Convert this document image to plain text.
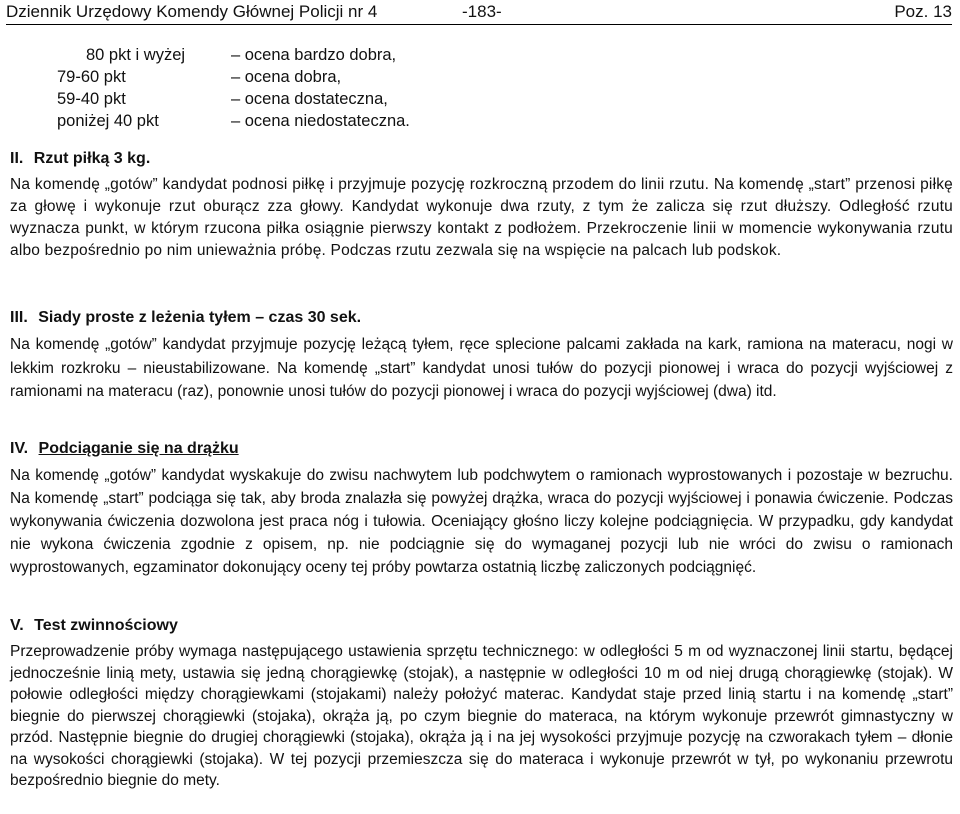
Dziennik Urzędowy Komendy Głównej Policji nr 4	-183-	Poz. 13
80 pkt i wyżej	– ocena bardzo dobra,
79-60 pkt	– ocena dobra,
59-40 pkt	– ocena dostateczna,
poniżej 40 pkt	– ocena niedostateczna.
II. Rzut piłką 3 kg.
Na komendę „gotów” kandydat podnosi piłkę i przyjmuje pozycję rozkroczną przodem do linii rzutu. Na komendę „start” przenosi piłkę za głowę i wykonuje rzut oburącz zza głowy. Kandydat wykonuje dwa rzuty, z tym że zalicza się rzut dłuższy. Odległość rzutu wyznacza punkt, w którym rzucona piłka osiągnie pierwszy kontakt z podłożem. Przekroczenie linii w momencie wykonywania rzutu albo bezpośrednio po nim unieważnia próbę. Podczas rzutu zezwala się na wspięcie na palcach lub podskok.
III. Siady proste z leżenia tyłem – czas 30 sek.
Na komendę „gotów” kandydat przyjmuje pozycję leżącą tyłem, ręce splecione palcami zakłada na kark, ramiona na materacu, nogi w lekkim rozkroku – nieustabilizowane. Na komendę „start” kandydat unosi tułów do pozycji pionowej i wraca do pozycji wyjściowej z ramionami na materacu (raz), ponownie unosi tułów do pozycji pionowej i wraca do pozycji wyjściowej (dwa) itd.
IV. Podciąganie się na drążku
Na komendę „gotów” kandydat wyskakuje do zwisu nachwytem lub podchwytem o ramionach wyprostowanych i pozostaje w bezruchu. Na komendę „start” podciąga się tak, aby broda znalazła się powyżej drążka, wraca do pozycji wyjściowej i ponawia ćwiczenie. Podczas wykonywania ćwiczenia dozwolona jest praca nóg i tułowia. Oceniający głośno liczy kolejne podciągnięcia. W przypadku, gdy kandydat nie wykona ćwiczenia zgodnie z opisem, np. nie podciągnie się do wymaganej pozycji lub nie wróci do zwisu o ramionach wyprostowanych, egzaminator dokonujący oceny tej próby powtarza ostatnią liczbę zaliczonych podciągnięć.
V. Test zwinnościowy
Przeprowadzenie próby wymaga następującego ustawienia sprzętu technicznego: w odległości 5 m od wyznaczonej linii startu, będącej jednocześnie linią mety, ustawia się jedną chorągiewkę (stojak), a następnie w odległości 10 m od niej drugą chorągiewkę (stojak). W połowie odległości między chorągiewkami (stojakami) należy położyć materac. Kandydat staje przed linią startu i na komendę „start” biegnie do pierwszej chorągiewki (stojaka), okrąża ją, po czym biegnie do materaca, na którym wykonuje przewrót gimnastyczny w przód. Następnie biegnie do drugiej chorągiewki (stojaka), okrąża ją i na jej wysokości przyjmuje pozycję na czworakach tyłem – dłonie na wysokości chorągiewki (stojaka). W tej pozycji przemieszcza się do materaca i wykonuje przewrót w tył, po wykonaniu przewrotu bezpośrednio biegnie do mety.
